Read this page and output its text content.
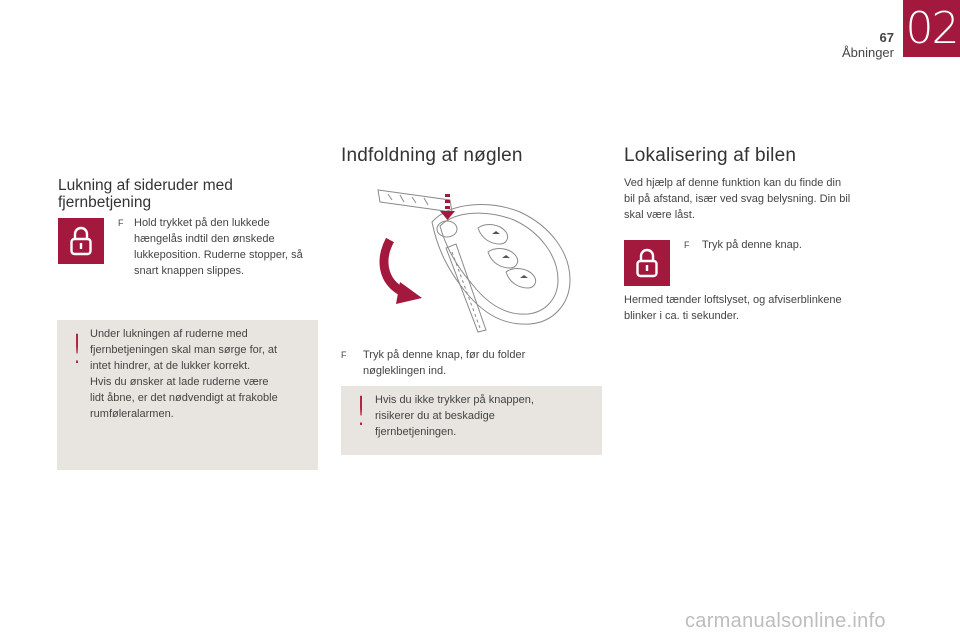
02
67
Åbninger
Lukning af sideruder med fjernbetjening
F Hold trykket på den lukkede hængelås indtil den ønskede lukkeposition. Ruderne stopper, så snart knappen slippes.
! Under lukningen af ruderne med
fjernbetjeningen skal man sørge for, at
intet hindrer, at de lukker korrekt.
Hvis du ønsker at lade ruderne være
lidt åbne, er det nødvendigt at frakoble
rumføleralarmen.
Indfoldning af nøglen
F Tryk på denne knap, før du folder
nøgleklingen ind.
! Hvis du ikke trykker på knappen,
risikerer du at beskadige
fjernbetjeningen.
Lokalisering af bilen
Ved hjælp af denne funktion kan du finde din
bil på afstand, især ved svag belysning. Din bil
skal være låst.
F Tryk på denne knap.
Hermed tænder loftslyset, og afviserblinkene
blinker i ca. ti sekunder.
carmanualsonline.info
